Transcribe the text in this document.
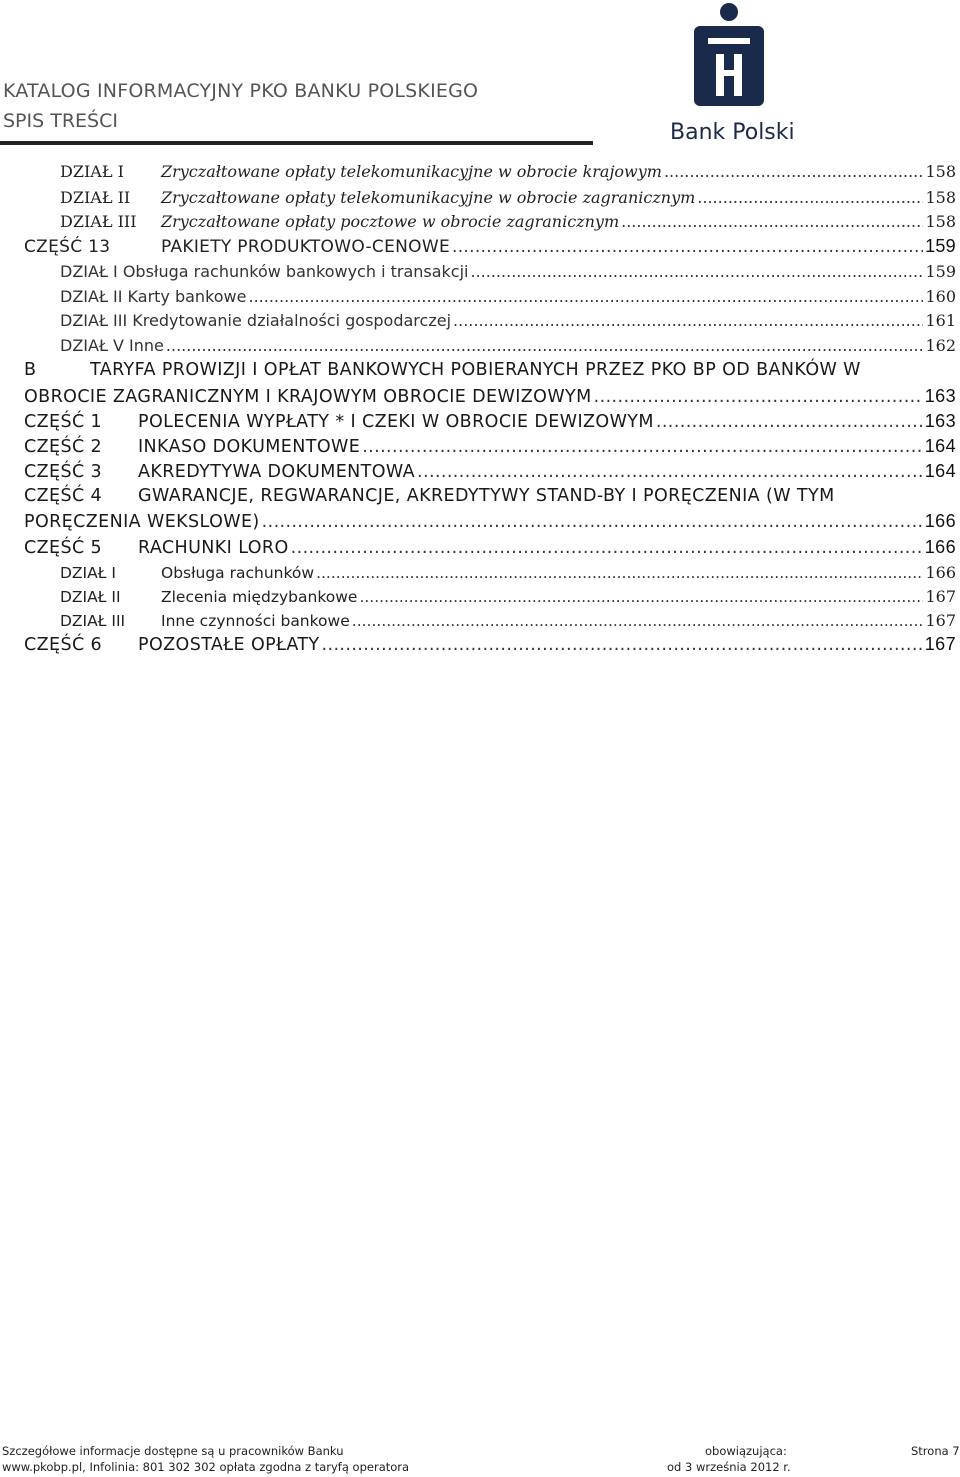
KATALOG INFORMACYJNY PKO BANKU POLSKIEGO
SPIS TREŚCI	Bank Polski
DZIAŁ I	Zryczałtowane opłaty telekomunikacyjne w obrocie krajowym .....	158
DZIAŁ II	Zryczałtowane opłaty telekomunikacyjne w obrocie zagranicznym .....	158
DZIAŁ III	Zryczałtowane opłaty pocztowe w obrocie zagranicznym .....	158
CZĘŚĆ 13	PAKIETY PRODUKTOWO-CENOWE .....	159
DZIAŁ I Obsługa rachunków bankowych i transakcji .....	159
DZIAŁ II Karty bankowe .....	160
DZIAŁ III Kredytowanie działalności gospodarczej .....	161
DZIAŁ V Inne .....	162
B	TARYFA PROWIZJI I OPŁAT BANKOWYCH POBIERANYCH PRZEZ PKO BP OD BANKÓW W
OBROCIE ZAGRANICZNYM I KRAJOWYM OBROCIE DEWIZOWYM .....	163
CZĘŚĆ 1	POLECENIA WYPŁATY * I CZEKI W OBROCIE DEWIZOWYM .....	163
CZĘŚĆ 2	INKASO DOKUMENTOWE .....	164
CZĘŚĆ 3	AKREDYTYWA DOKUMENTOWA .....	164
CZĘŚĆ 4 GWARANCJE, REGWARANCJE, AKREDYTYWY STAND-BY I PORĘCZENIA (W TYM
PORĘCZENIA WEKSLOWE) .....	166
CZĘŚĆ 5	RACHUNKI LORO .....	166
DZIAŁ I	Obsługa rachunków .....	166
DZIAŁ II	Zlecenia międzybankowe .....	167
DZIAŁ III	Inne czynności bankowe .....	167
CZĘŚĆ 6	POZOSTAŁE OPŁATY .....	167
Szczegółowe informacje dostępne są u pracowników Banku
www.pkobp.pl, Infolinia: 801 302 302 opłata zgodna z taryfą operatora
obowiązująca:
od 3 września 2012 r.
Strona 7
